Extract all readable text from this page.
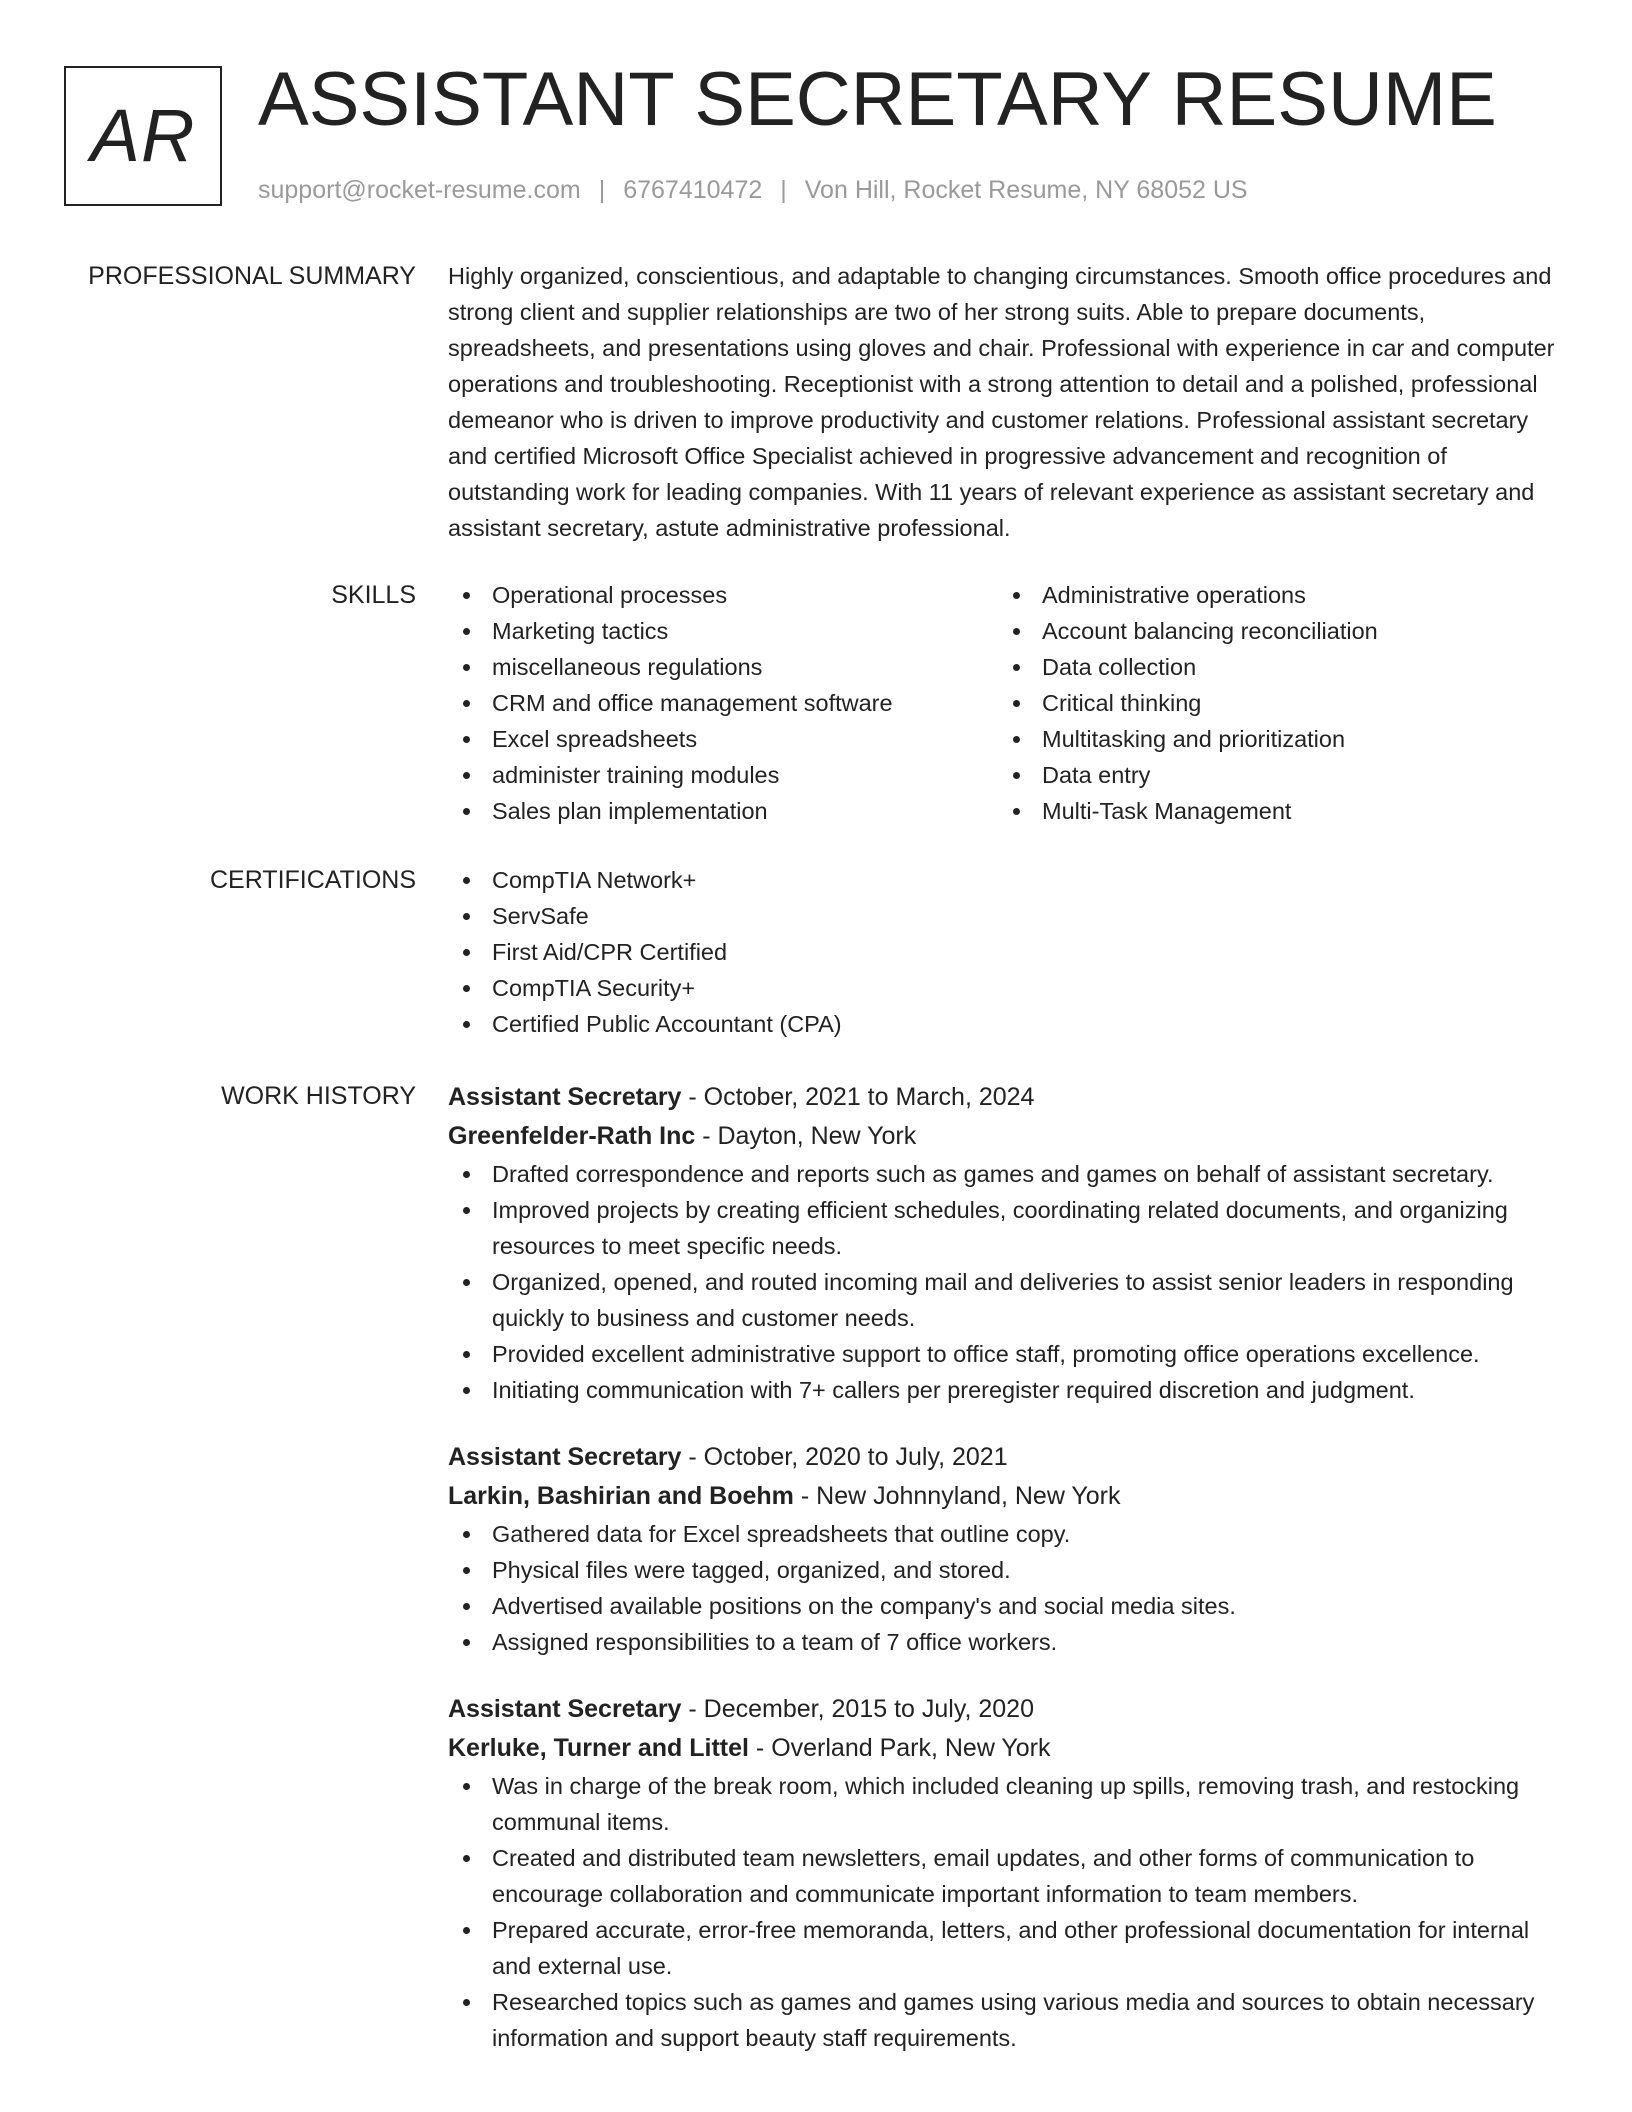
AR ASSISTANT SECRETARY RESUME
support@rocket-resume.com | 6767410472 | Von Hill, Rocket Resume, NY 68052 US
PROFESSIONAL SUMMARY Highly organized, conscientious, and adaptable to changing circumstances. Smooth office procedures and strong client and supplier relationships are two of her strong suits. Able to prepare documents, spreadsheets, and presentations using gloves and chair. Professional with experience in car and computer operations and troubleshooting. Receptionist with a strong attention to detail and a polished, professional demeanor who is driven to improve productivity and customer relations. Professional assistant secretary and certified Microsoft Office Specialist achieved in progressive advancement and recognition of outstanding work for leading companies. With 11 years of relevant experience as assistant secretary and assistant secretary, astute administrative professional.

SKILLS	Operational processes
Marketing tactics
miscellaneous regulations
CRM and office management software
Excel spreadsheets
administer training modules
Sales plan implementation
Administrative operations
Account balancing reconciliation
Data collection
Critical thinking
Multitasking and prioritization
Data entry
Multi-Task Management
CERTIFICATIONS	CompTIA Network+
ServSafe
First Aid/CPR Certified
CompTIA Security+
Certified Public Accountant (CPA)
WORK HISTORY Assistant Secretary - October, 2021 to March, 2024
Greenfelder-Rath Inc - Dayton, New York
Drafted correspondence and reports such as games and games on behalf of assistant secretary.
Improved projects by creating efficient schedules, coordinating related documents, and organizing resources to meet specific needs.
Organized, opened, and routed incoming mail and deliveries to assist senior leaders in responding quickly to business and customer needs.
Provided excellent administrative support to office staff, promoting office operations excellence.
Initiating communication with 7+ callers per preregister required discretion and judgment.
Assistant Secretary - October, 2020 to July, 2021
Larkin, Bashirian and Boehm - New Johnnyland, New York
Gathered data for Excel spreadsheets that outline copy.
Physical files were tagged, organized, and stored.
Advertised available positions on the company's and social media sites.
Assigned responsibilities to a team of 7 office workers.
Assistant Secretary - December, 2015 to July, 2020
Kerluke, Turner and Littel - Overland Park, New York
Was in charge of the break room, which included cleaning up spills, removing trash, and restocking communal items.
Created and distributed team newsletters, email updates, and other forms of communication to encourage collaboration and communicate important information to team members.
Prepared accurate, error-free memoranda, letters, and other professional documentation for internal and external use.
Researched topics such as games and games using various media and sources to obtain necessary information and support beauty staff requirements.
